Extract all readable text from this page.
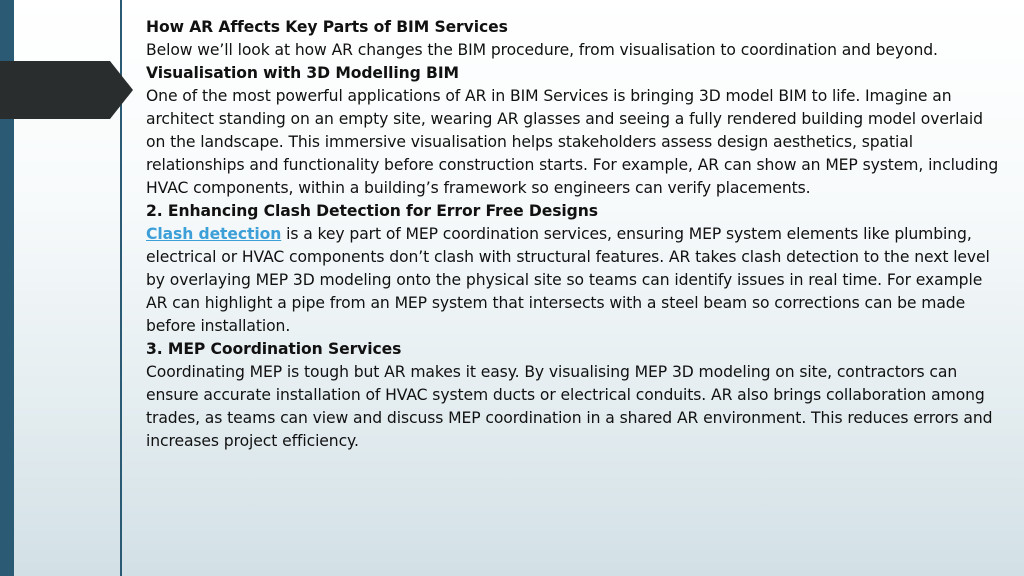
How AR Affects Key Parts of BIM Services

Below we’ll look at how AR changes the BIM procedure, from visualisation to coordination and beyond.

Visualisation with 3D Modelling BIM

One of the most powerful applications of AR in BIM Services is bringing 3D model BIM to life. Imagine an architect standing on an empty site, wearing AR glasses and seeing a fully rendered building model overlaid on the landscape. This immersive visualisation helps stakeholders assess design aesthetics, spatial relationships and functionality before construction starts. For example, AR can show an MEP system, including HVAC components, within a building’s framework so engineers can verify placements.

2. Enhancing Clash Detection for Error Free Designs

Clash detection is a key part of MEP coordination services, ensuring MEP system elements like plumbing, electrical or HVAC components don’t clash with structural features. AR takes clash detection to the next level by overlaying MEP 3D modeling onto the physical site so teams can identify issues in real time. For example AR can highlight a pipe from an MEP system that intersects with a steel beam so corrections can be made before installation.

3. MEP Coordination Services

Coordinating MEP is tough but AR makes it easy. By visualising MEP 3D modeling on site, contractors can ensure accurate installation of HVAC system ducts or electrical conduits. AR also brings collaboration among trades, as teams can view and discuss MEP coordination in a shared AR environment. This reduces errors and increases project efficiency.
